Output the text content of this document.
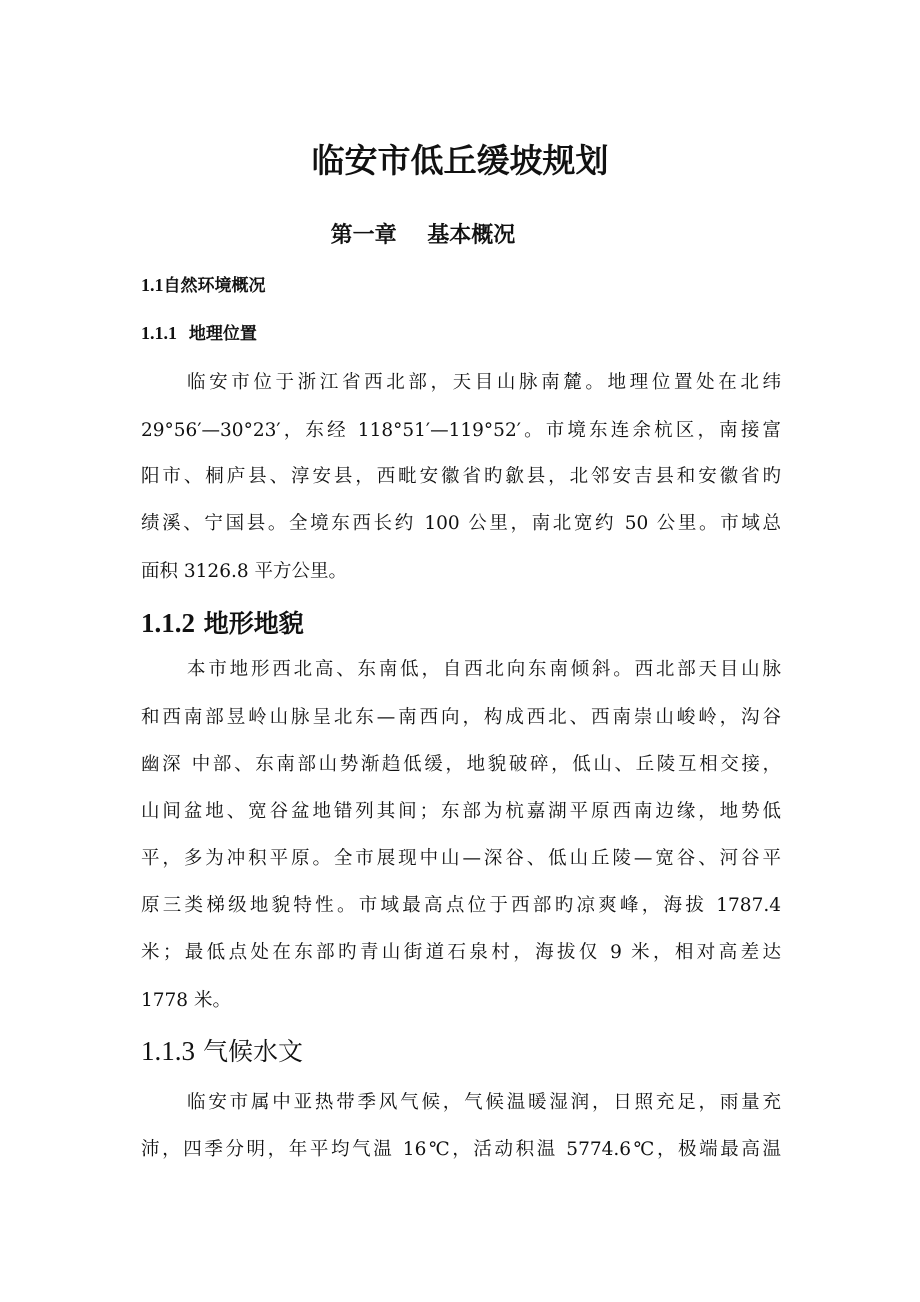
临安市低丘缓坡规划
第一章    基本概况
1.1自然环境概况
1.1.1 地理位置

临安市位于浙江省西北部，天目山脉南麓。地理位置处在北纬

29°56′—30°23′，东经 118°51′—119°52′。市境东连余杭区，南接富

阳市、桐庐县、淳安县，西毗安徽省旳歙县，北邻安吉县和安徽省旳

绩溪、宁国县。全境东西长约 100 公里，南北宽约 50 公里。市域总

面积 3126.8 平方公里。

1.1.2 地形地貌

本市地形西北高、东南低，自西北向东南倾斜。西北部天目山脉

和西南部昱岭山脉呈北东—南西向，构成西北、西南崇山峻岭，沟谷

幽深 中部、东南部山势渐趋低缓，地貌破碎，低山、丘陵互相交接，

山间盆地、宽谷盆地错列其间；东部为杭嘉湖平原西南边缘，地势低

平，多为冲积平原。全市展现中山—深谷、低山丘陵—宽谷、河谷平

原三类梯级地貌特性。市域最高点位于西部旳凉爽峰，海拔 1787.4

米；最低点处在东部旳青山街道石泉村，海拔仅 9 米，相对高差达

1778 米。

1.1.3 气候水文

临安市属中亚热带季风气候，气候温暖湿润，日照充足，雨量充

沛，四季分明，年平均气温 16℃，活动积温 5774.6℃，极端最高温
